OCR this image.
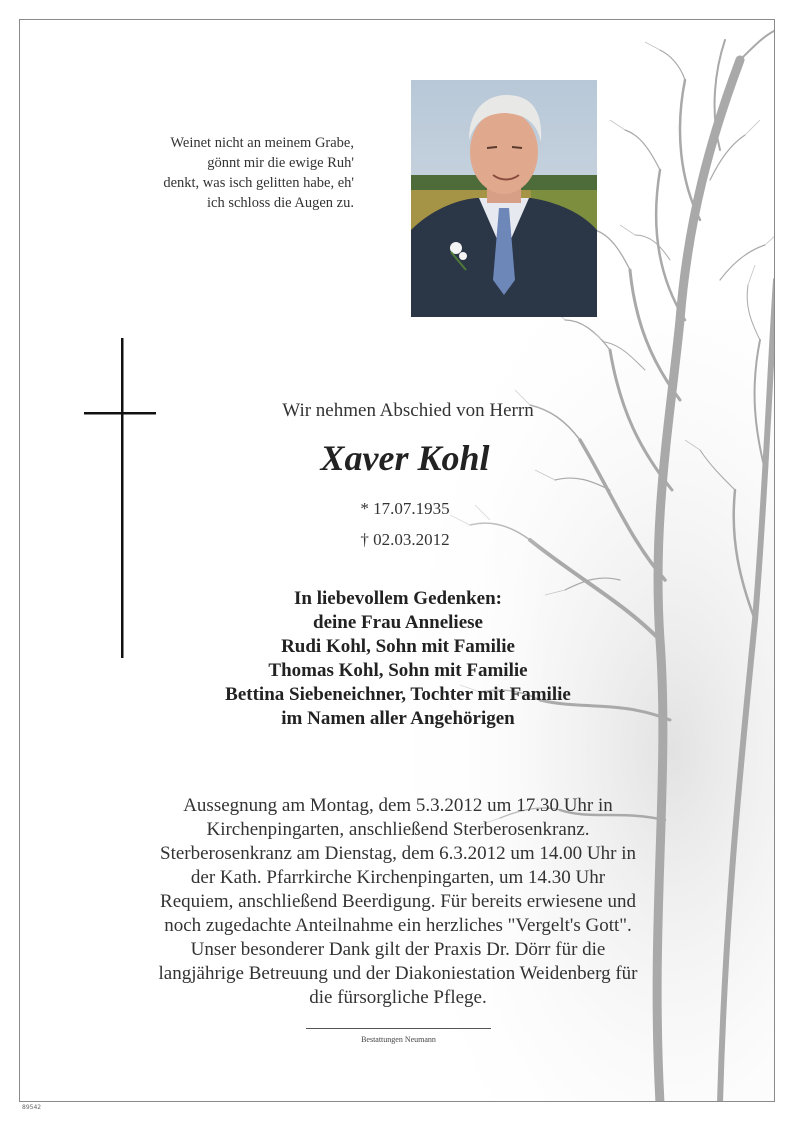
Weinet nicht an meinem Grabe,
gönnt mir die ewige Ruh'
denkt, was isch gelitten habe, eh'
ich schloss die Augen zu.
Wir nehmen Abschied von Herrn
Xaver Kohl
* 17.07.1935
† 02.03.2012
In liebevollem Gedenken:
deine Frau Anneliese
Rudi Kohl, Sohn mit Familie
Thomas Kohl, Sohn mit Familie
Bettina Siebeneichner, Tochter mit Familie
im Namen aller Angehörigen
Aussegnung am Montag, dem 5.3.2012 um 17.30 Uhr in
Kirchenpingarten, anschließend Sterberosenkranz.
Sterberosenkranz am Dienstag, dem 6.3.2012 um 14.00 Uhr in
der Kath. Pfarrkirche Kirchenpingarten, um 14.30 Uhr
Requiem, anschließend Beerdigung. Für bereits erwiesene und
noch zugedachte Anteilnahme ein herzliches "Vergelt's Gott".
Unser besonderer Dank gilt der Praxis Dr. Dörr für die
langjährige Betreuung und der Diakoniestation Weidenberg für
die fürsorgliche Pflege.
Bestattungen Neumann
89542
